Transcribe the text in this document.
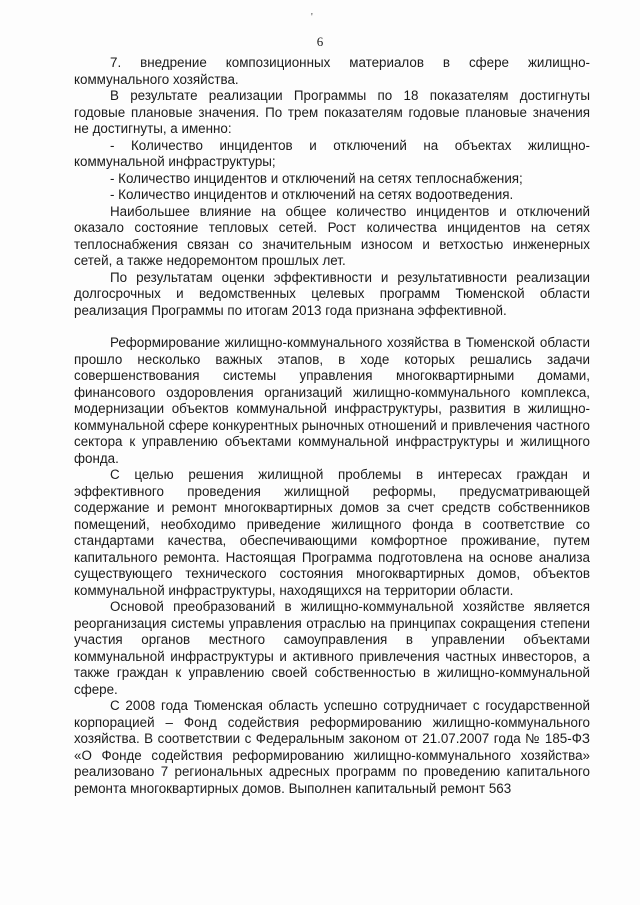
'
6

7. внедрение композиционных материалов в сфере жилищно-коммунального хозяйства.

В результате реализации Программы по 18 показателям достигнуты годовые плановые значения. По трем показателям годовые плановые значения не достигнуты, а именно:

- Количество инцидентов и отключений на объектах жилищно-коммунальной инфраструктуры;

- Количество инцидентов и отключений на сетях теплоснабжения;

- Количество инцидентов и отключений на сетях водоотведения.

Наибольшее влияние на общее количество инцидентов и отключений оказало состояние тепловых сетей. Рост количества инцидентов на сетях теплоснабжения связан со значительным износом и ветхостью инженерных сетей, а также недоремонтом прошлых лет.

По результатам оценки эффективности и результативности реализации долгосрочных и ведомственных целевых программ Тюменской области реализация Программы по итогам 2013 года признана эффективной.

Реформирование жилищно-коммунального хозяйства в Тюменской области прошло несколько важных этапов, в ходе которых решались задачи совершенствования системы управления многоквартирными домами, финансового оздоровления организаций жилищно-коммунального комплекса, модернизации объектов коммунальной инфраструктуры, развития в жилищно-коммунальной сфере конкурентных рыночных отношений и привлечения частного сектора к управлению объектами коммунальной инфраструктуры и жилищного фонда.

С целью решения жилищной проблемы в интересах граждан и эффективного проведения жилищной реформы, предусматривающей содержание и ремонт многоквартирных домов за счет средств собственников помещений, необходимо приведение жилищного фонда в соответствие со стандартами качества, обеспечивающими комфортное проживание, путем капитального ремонта. Настоящая Программа подготовлена на основе анализа существующего технического состояния многоквартирных домов, объектов коммунальной инфраструктуры, находящихся на территории области.

Основой преобразований в жилищно-коммунальной хозяйстве является реорганизация системы управления отраслью на принципах сокращения степени участия органов местного самоуправления в управлении объектами коммунальной инфраструктуры и активного привлечения частных инвесторов, а также граждан к управлению своей собственностью в жилищно-коммунальной сфере.

С 2008 года Тюменская область успешно сотрудничает с государственной корпорацией – Фонд содействия реформированию жилищно-коммунального хозяйства. В соответствии с Федеральным законом от 21.07.2007 года № 185-ФЗ «О Фонде содействия реформированию жилищно-коммунального хозяйства» реализовано 7 региональных адресных программ по проведению капитального ремонта многоквартирных домов. Выполнен капитальный ремонт 563
